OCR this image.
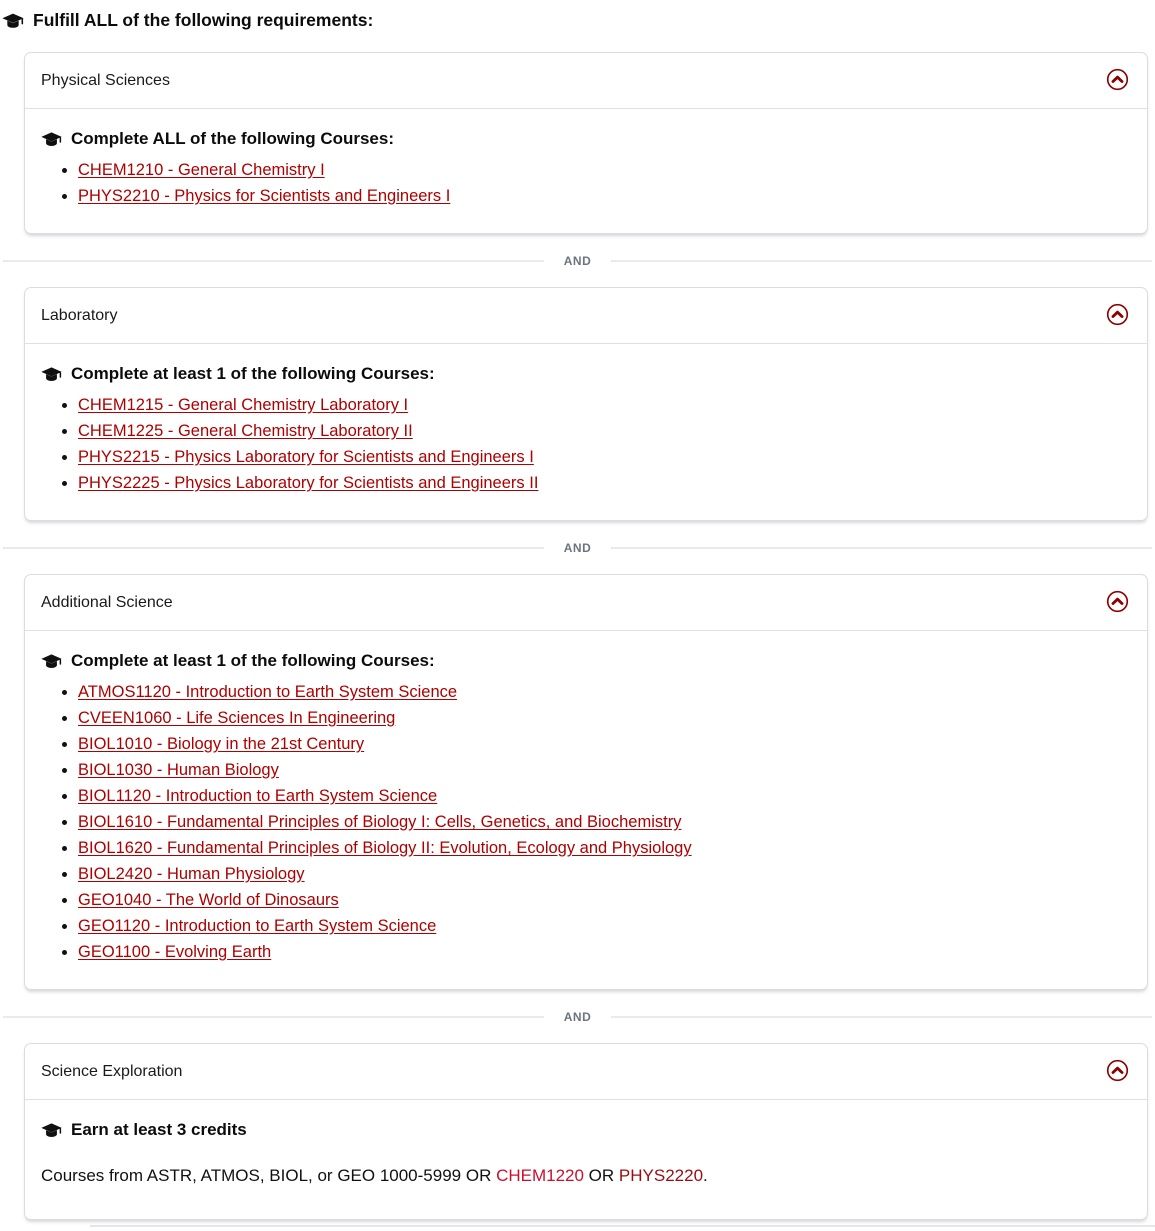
Fulfill ALL of the following requirements:
Physical Sciences

Complete ALL of the following Courses:

• CHEM1210 - General Chemistry I
• PHYS2210 - Physics for Scientists and Engineers I
AND
Laboratory

Complete at least 1 of the following Courses:

• CHEM1215 - General Chemistry Laboratory I
• CHEM1225 - General Chemistry Laboratory II
• PHYS2215 - Physics Laboratory for Scientists and Engineers I
• PHYS2225 - Physics Laboratory for Scientists and Engineers II
AND
Additional Science

Complete at least 1 of the following Courses:

• ATMOS1120 - Introduction to Earth System Science
• CVEEN1060 - Life Sciences In Engineering
• BIOL1010 - Biology in the 21st Century
• BIOL1030 - Human Biology
• BIOL1120 - Introduction to Earth System Science
• BIOL1610 - Fundamental Principles of Biology I: Cells, Genetics, and Biochemistry
• BIOL1620 - Fundamental Principles of Biology II: Evolution, Ecology and Physiology
• BIOL2420 - Human Physiology
• GEO1040 - The World of Dinosaurs
• GEO1120 - Introduction to Earth System Science
• GEO1100 - Evolving Earth
AND
Science Exploration

Earn at least 3 credits

Courses from ASTR, ATMOS, BIOL, or GEO 1000-5999 OR CHEM1220 OR PHYS2220.
